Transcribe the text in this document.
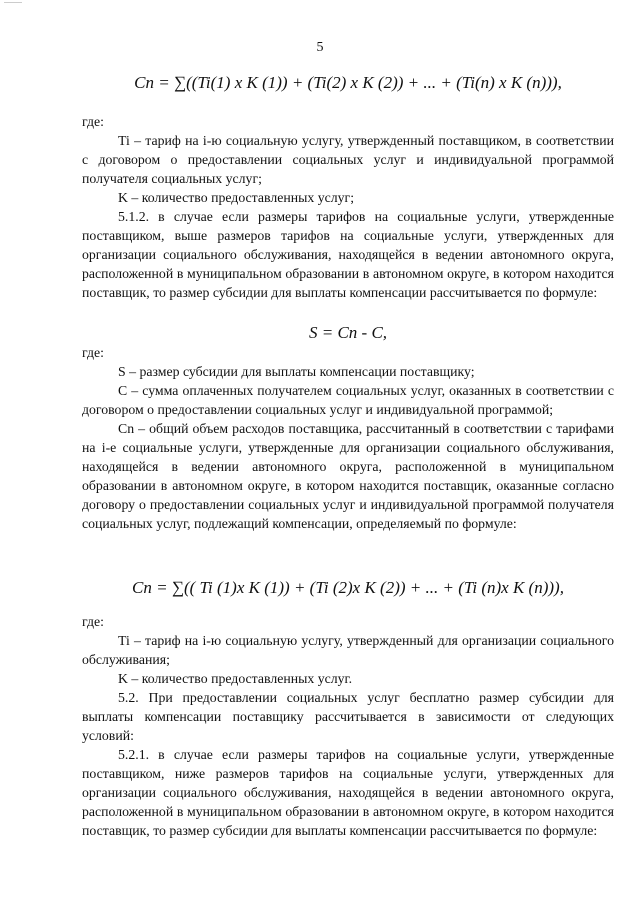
5
Cn = ∑((Ti(1) x K (1)) + (Ti(2) x K (2)) + ... + (Ti(n) x K (n))),

где:

Ti – тариф на i-ю социальную услугу, утвержденный поставщиком, в соответствии с договором о предоставлении социальных услуг и индивидуальной программой получателя социальных услуг;

K – количество предоставленных услуг;

5.1.2. в случае если размеры тарифов на социальные услуги, утвержденные поставщиком, выше размеров тарифов на социальные услуги, утвержденных для организации социального обслуживания, находящейся в ведении автономного округа, расположенной в муниципальном образовании в автономном округе, в котором находится поставщик, то размер субсидии для выплаты компенсации рассчитывается по формуле:

S = Cn - C,

где:

S – размер субсидии для выплаты компенсации поставщику;

С – сумма оплаченных получателем социальных услуг, оказанных в соответствии с договором о предоставлении социальных услуг и индивидуальной программой;

Cn – общий объем расходов поставщика, рассчитанный в соответствии с тарифами на i-е социальные услуги, утвержденные для организации социального обслуживания, находящейся в ведении автономного округа, расположенной в муниципальном образовании в автономном округе, в котором находится поставщик, оказанные согласно договору о предоставлении социальных услуг и индивидуальной программой получателя социальных услуг, подлежащий компенсации, определяемый по формуле:

Cn = ∑(( Ti (1)x K (1)) + (Ti (2)x K (2)) + ... + (Ti (n)x K (n))),

где:

Ti – тариф на i-ю социальную услугу, утвержденный для организации социального обслуживания;

K – количество предоставленных услуг.

5.2. При предоставлении социальных услуг бесплатно размер субсидии для выплаты компенсации поставщику рассчитывается в зависимости от следующих условий:

5.2.1. в случае если размеры тарифов на социальные услуги, утвержденные поставщиком, ниже размеров тарифов на социальные услуги, утвержденных для организации социального обслуживания, находящейся в ведении автономного округа, расположенной в муниципальном образовании в автономном округе, в котором находится поставщик, то размер субсидии для выплаты компенсации рассчитывается по формуле:
